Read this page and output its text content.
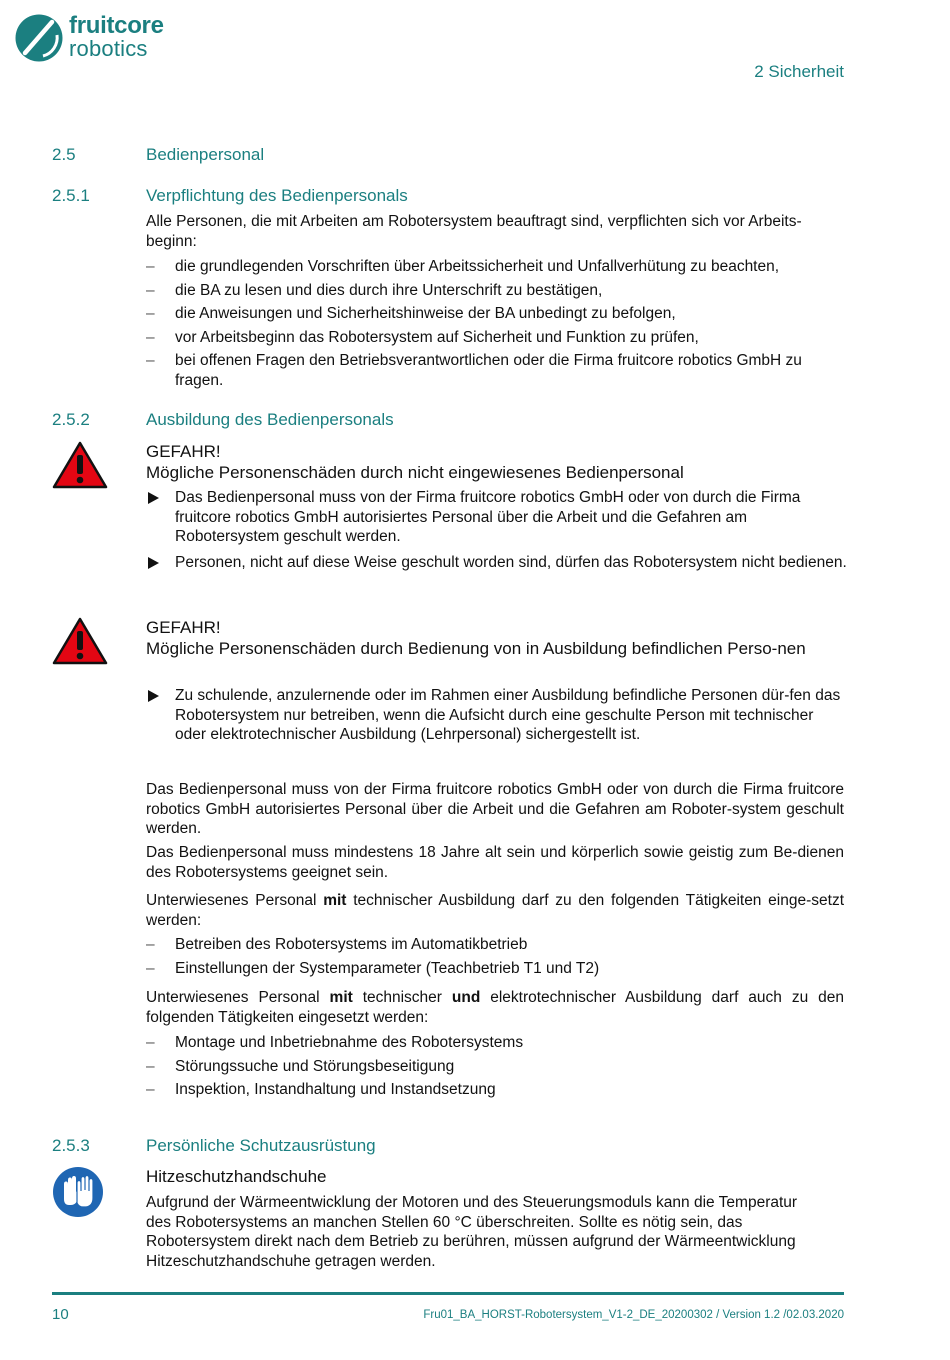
fruitcore
robotics
2 Sicherheit
2.5	Bedienpersonal
2.5.1	Verpflichtung des Bedienpersonals
Alle Personen, die mit Arbeiten am Robotersystem beauftragt sind, verpflichten sich vor Arbeits-beginn:
– die grundlegenden Vorschriften über Arbeitssicherheit und Unfallverhütung zu beachten,
– die BA zu lesen und dies durch ihre Unterschrift zu bestätigen,
– die Anweisungen und Sicherheitshinweise der BA unbedingt zu befolgen,
– vor Arbeitsbeginn das Robotersystem auf Sicherheit und Funktion zu prüfen,
– bei offenen Fragen den Betriebsverantwortlichen oder die Firma fruitcore robotics GmbH zu fragen.
2.5.2	Ausbildung des Bedienpersonals
GEFAHR!
Mögliche Personenschäden durch nicht eingewiesenes Bedienpersonal
Das Bedienpersonal muss von der Firma fruitcore robotics GmbH oder von durch die Firma fruitcore robotics GmbH autorisiertes Personal über die Arbeit und die Gefahren am Robotersystem geschult werden.
Personen, nicht auf diese Weise geschult worden sind, dürfen das Robotersystem nicht bedienen.
GEFAHR!
Mögliche Personenschäden durch Bedienung von in Ausbildung befindlichen Perso-nen
Zu schulende, anzulernende oder im Rahmen einer Ausbildung befindliche Personen dür-fen das Robotersystem nur betreiben, wenn die Aufsicht durch eine geschulte Person mit technischer oder elektrotechnischer Ausbildung (Lehrpersonal) sichergestellt ist.
Das Bedienpersonal muss von der Firma fruitcore robotics GmbH oder von durch die Firma fruitcore robotics GmbH autorisiertes Personal über die Arbeit und die Gefahren am Roboter-system geschult werden.
Das Bedienpersonal muss mindestens 18 Jahre alt sein und körperlich sowie geistig zum Be-dienen des Robotersystems geeignet sein.
Unterwiesenes Personal mit technischer Ausbildung darf zu den folgenden Tätigkeiten einge-setzt werden:
– Betreiben des Robotersystems im Automatikbetrieb
– Einstellungen der Systemparameter (Teachbetrieb T1 und T2)
Unterwiesenes Personal mit technischer und elektrotechnischer Ausbildung darf auch zu den folgenden Tätigkeiten eingesetzt werden:
– Montage und Inbetriebnahme des Robotersystems
– Störungssuche und Störungsbeseitigung
– Inspektion, Instandhaltung und Instandsetzung
2.5.3	Persönliche Schutzausrüstung
Hitzeschutzhandschuhe
Aufgrund der Wärmeentwicklung der Motoren und des Steuerungsmoduls kann die Temperatur des Robotersystems an manchen Stellen 60 °C überschreiten. Sollte es nötig sein, das Robotersystem direkt nach dem Betrieb zu berühren, müssen aufgrund der Wärmeentwicklung Hitzeschutzhandschuhe getragen werden.
10	Fru01_BA_HORST-Robotersystem_V1-2_DE_20200302 / Version 1.2 /02.03.2020
